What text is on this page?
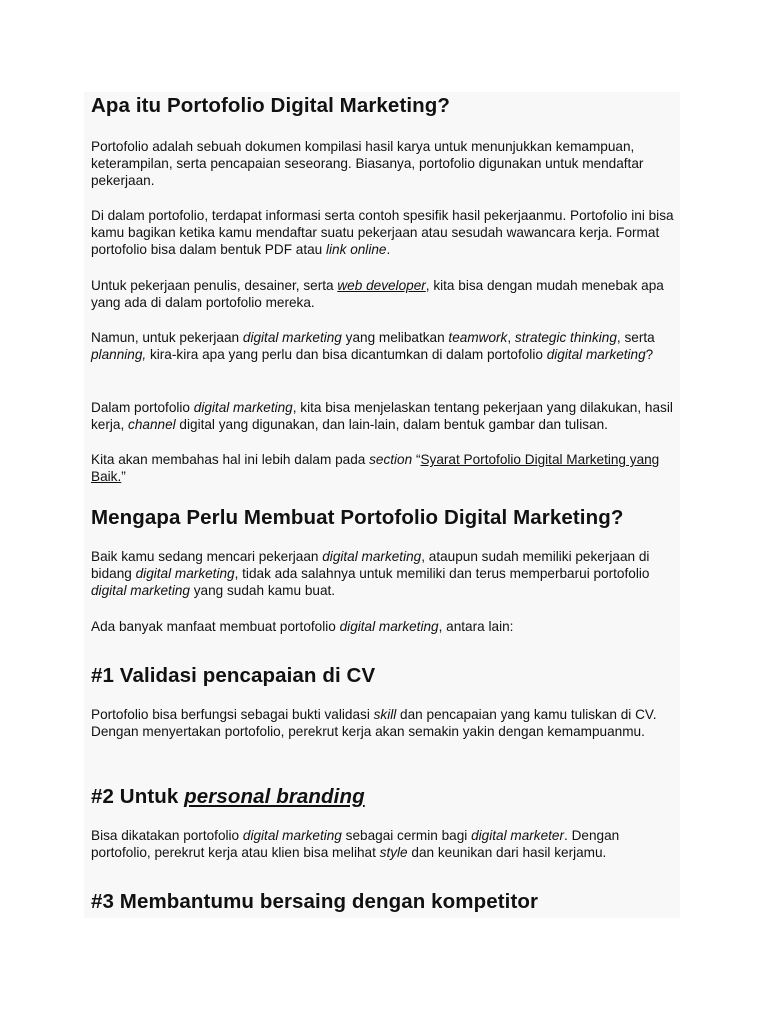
Apa itu Portofolio Digital Marketing?

Portofolio adalah sebuah dokumen kompilasi hasil karya untuk menunjukkan kemampuan, keterampilan, serta pencapaian seseorang. Biasanya, portofolio digunakan untuk mendaftar pekerjaan.

Di dalam portofolio, terdapat informasi serta contoh spesifik hasil pekerjaanmu. Portofolio ini bisa kamu bagikan ketika kamu mendaftar suatu pekerjaan atau sesudah wawancara kerja. Format portofolio bisa dalam bentuk PDF atau link online.

Untuk pekerjaan penulis, desainer, serta web developer, kita bisa dengan mudah menebak apa yang ada di dalam portofolio mereka.

Namun, untuk pekerjaan digital marketing yang melibatkan teamwork, strategic thinking, serta planning, kira-kira apa yang perlu dan bisa dicantumkan di dalam portofolio digital marketing?

Dalam portofolio digital marketing, kita bisa menjelaskan tentang pekerjaan yang dilakukan, hasil kerja, channel digital yang digunakan, dan lain-lain, dalam bentuk gambar dan tulisan.

Kita akan membahas hal ini lebih dalam pada section “Syarat Portofolio Digital Marketing yang Baik.”

Mengapa Perlu Membuat Portofolio Digital Marketing?

Baik kamu sedang mencari pekerjaan digital marketing, ataupun sudah memiliki pekerjaan di bidang digital marketing, tidak ada salahnya untuk memiliki dan terus memperbarui portofolio digital marketing yang sudah kamu buat.

Ada banyak manfaat membuat portofolio digital marketing, antara lain:

#1 Validasi pencapaian di CV

Portofolio bisa berfungsi sebagai bukti validasi skill dan pencapaian yang kamu tuliskan di CV. Dengan menyertakan portofolio, perekrut kerja akan semakin yakin dengan kemampuanmu.

#2 Untuk personal branding

Bisa dikatakan portofolio digital marketing sebagai cermin bagi digital marketer. Dengan portofolio, perekrut kerja atau klien bisa melihat style dan keunikan dari hasil kerjamu.

#3 Membantumu bersaing dengan kompetitor
